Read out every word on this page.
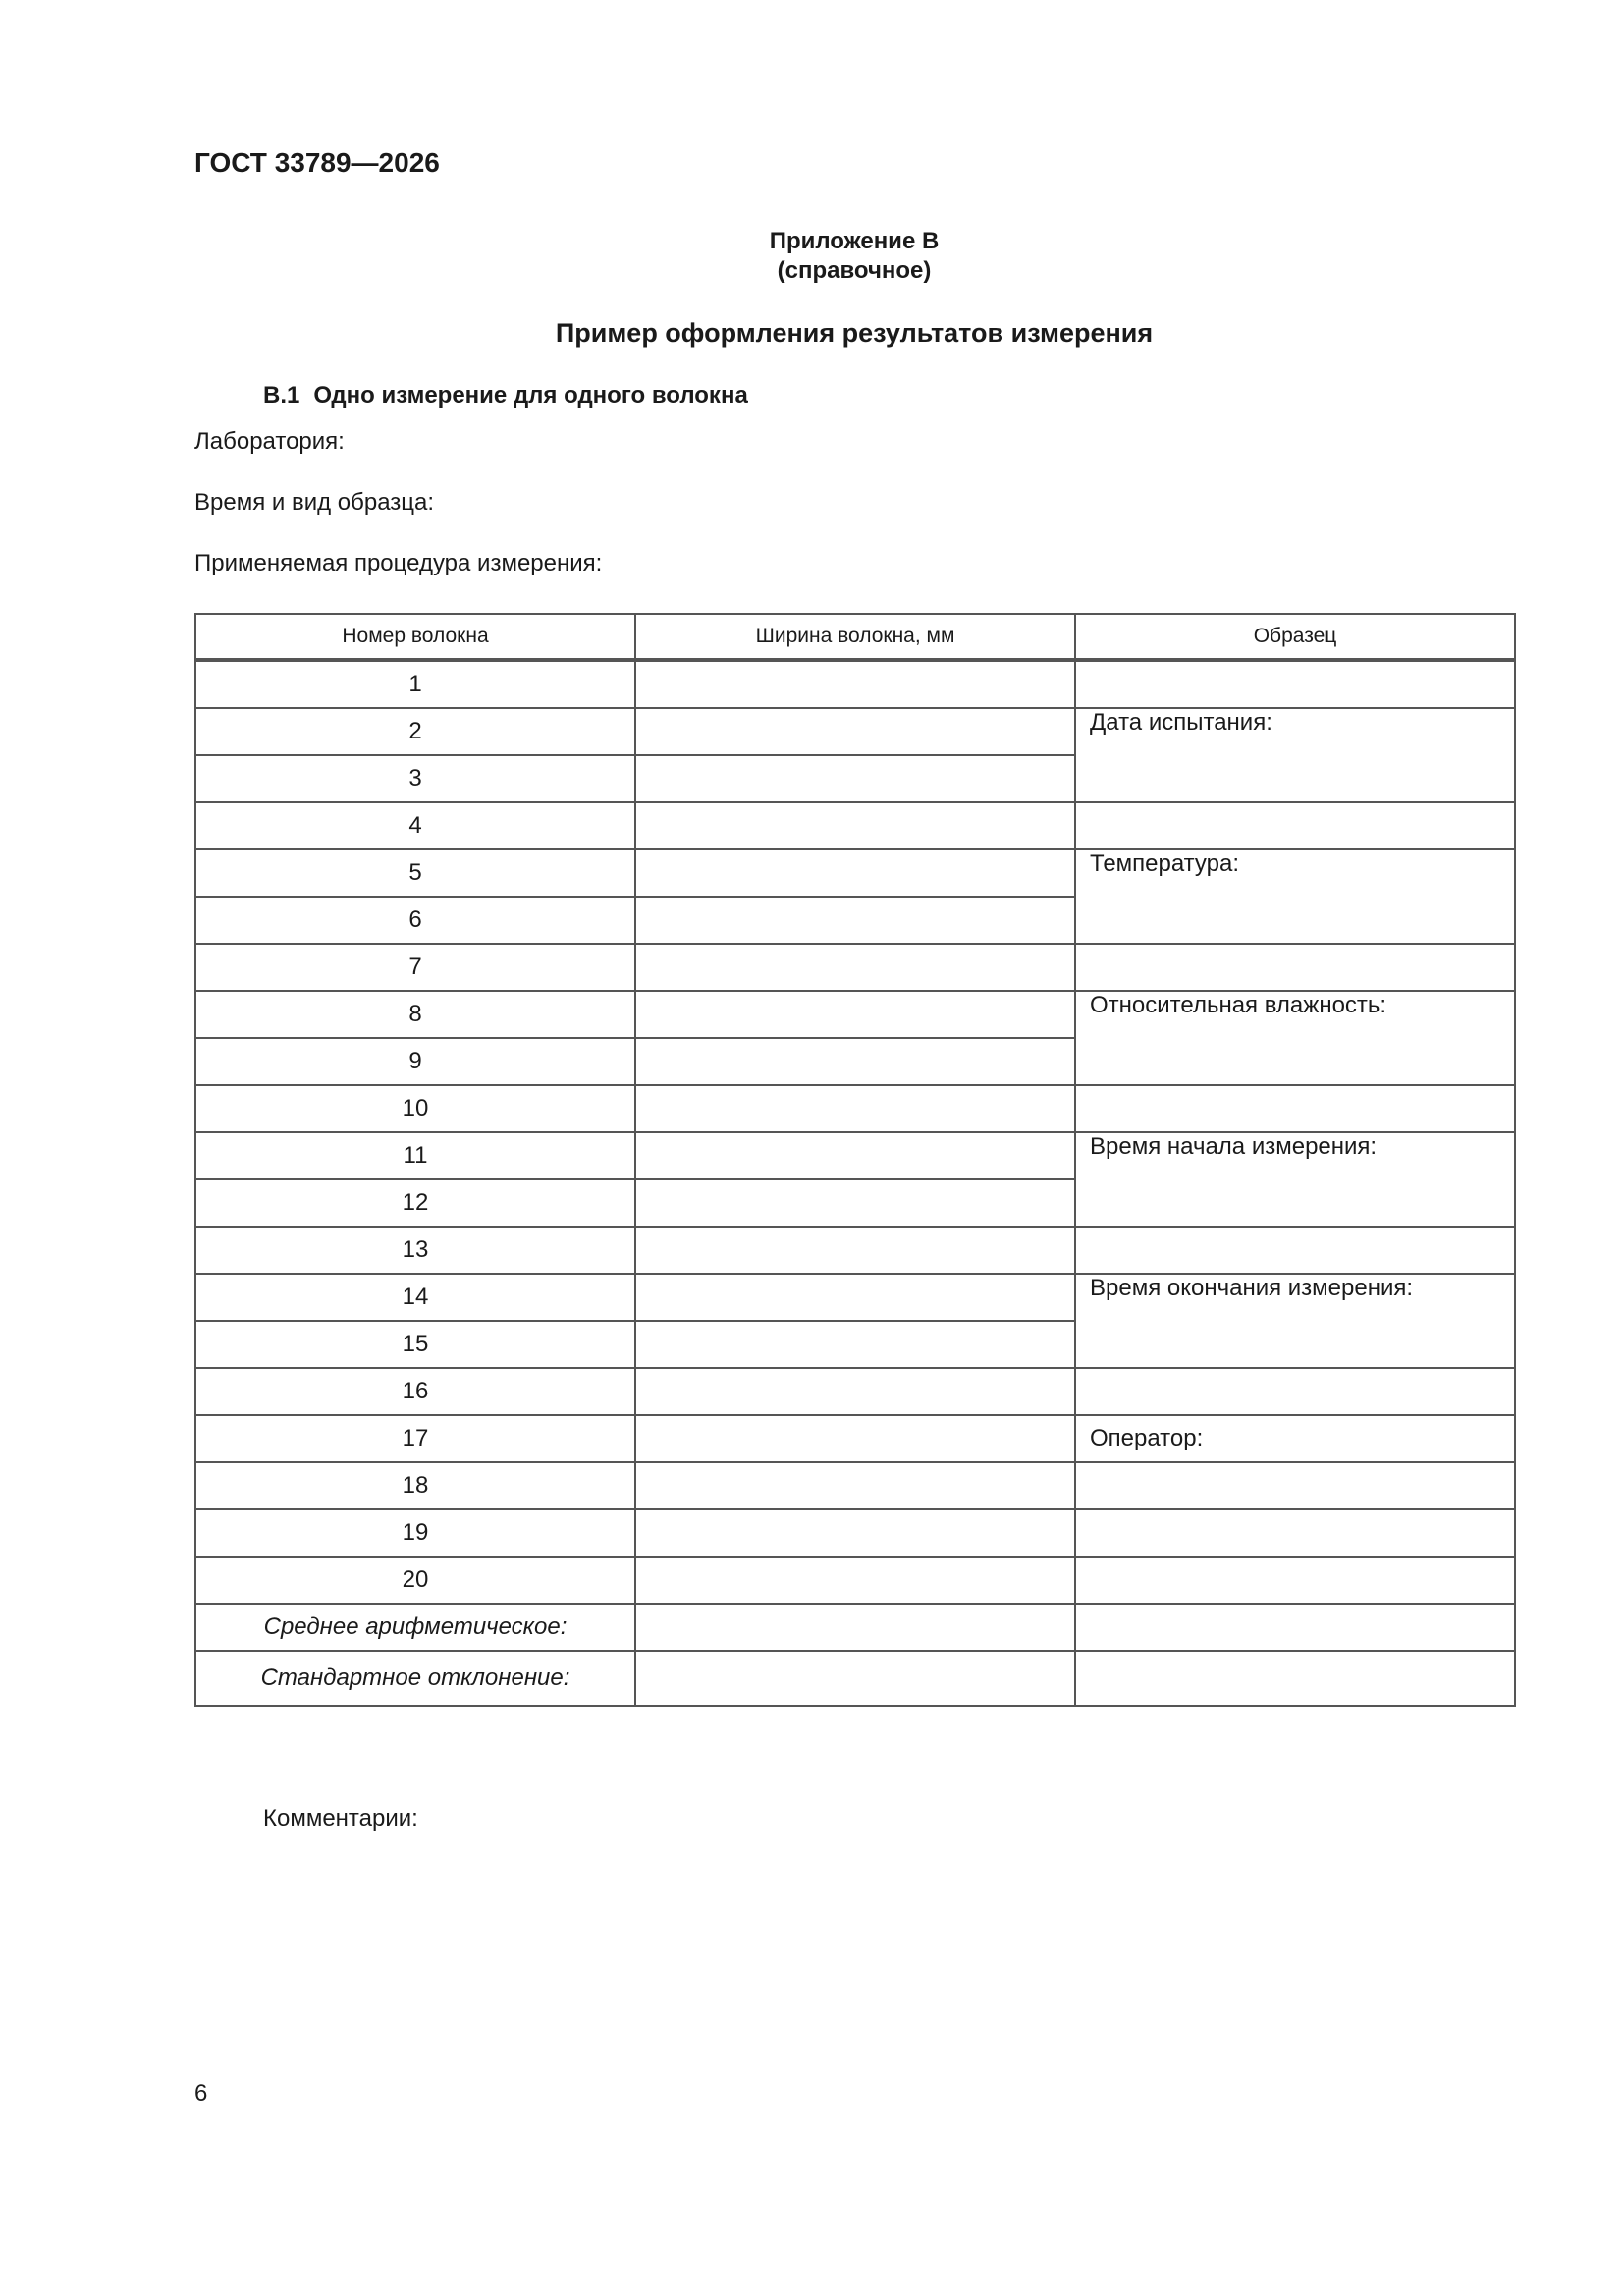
ГОСТ 33789—2026
Приложение В
(справочное)
Пример оформления результатов измерения
В.1 Одно измерение для одного волокна
Лаборатория:
Время и вид образца:
Применяемая процедура измерения:
Номер волокна	Ширина волокна, мм	Образец
1		
2		Дата испытания:
3		
4		
5		Температура:
6		
7		
8		Относительная влажность:
9		
10		
11		Время начала измерения:
12		
13		
14		Время окончания измерения:
15		
16		
17		Оператор:
18		
19		
20		
Среднее арифметическое:		
Стандартное отклонение:		
Комментарии:
6
